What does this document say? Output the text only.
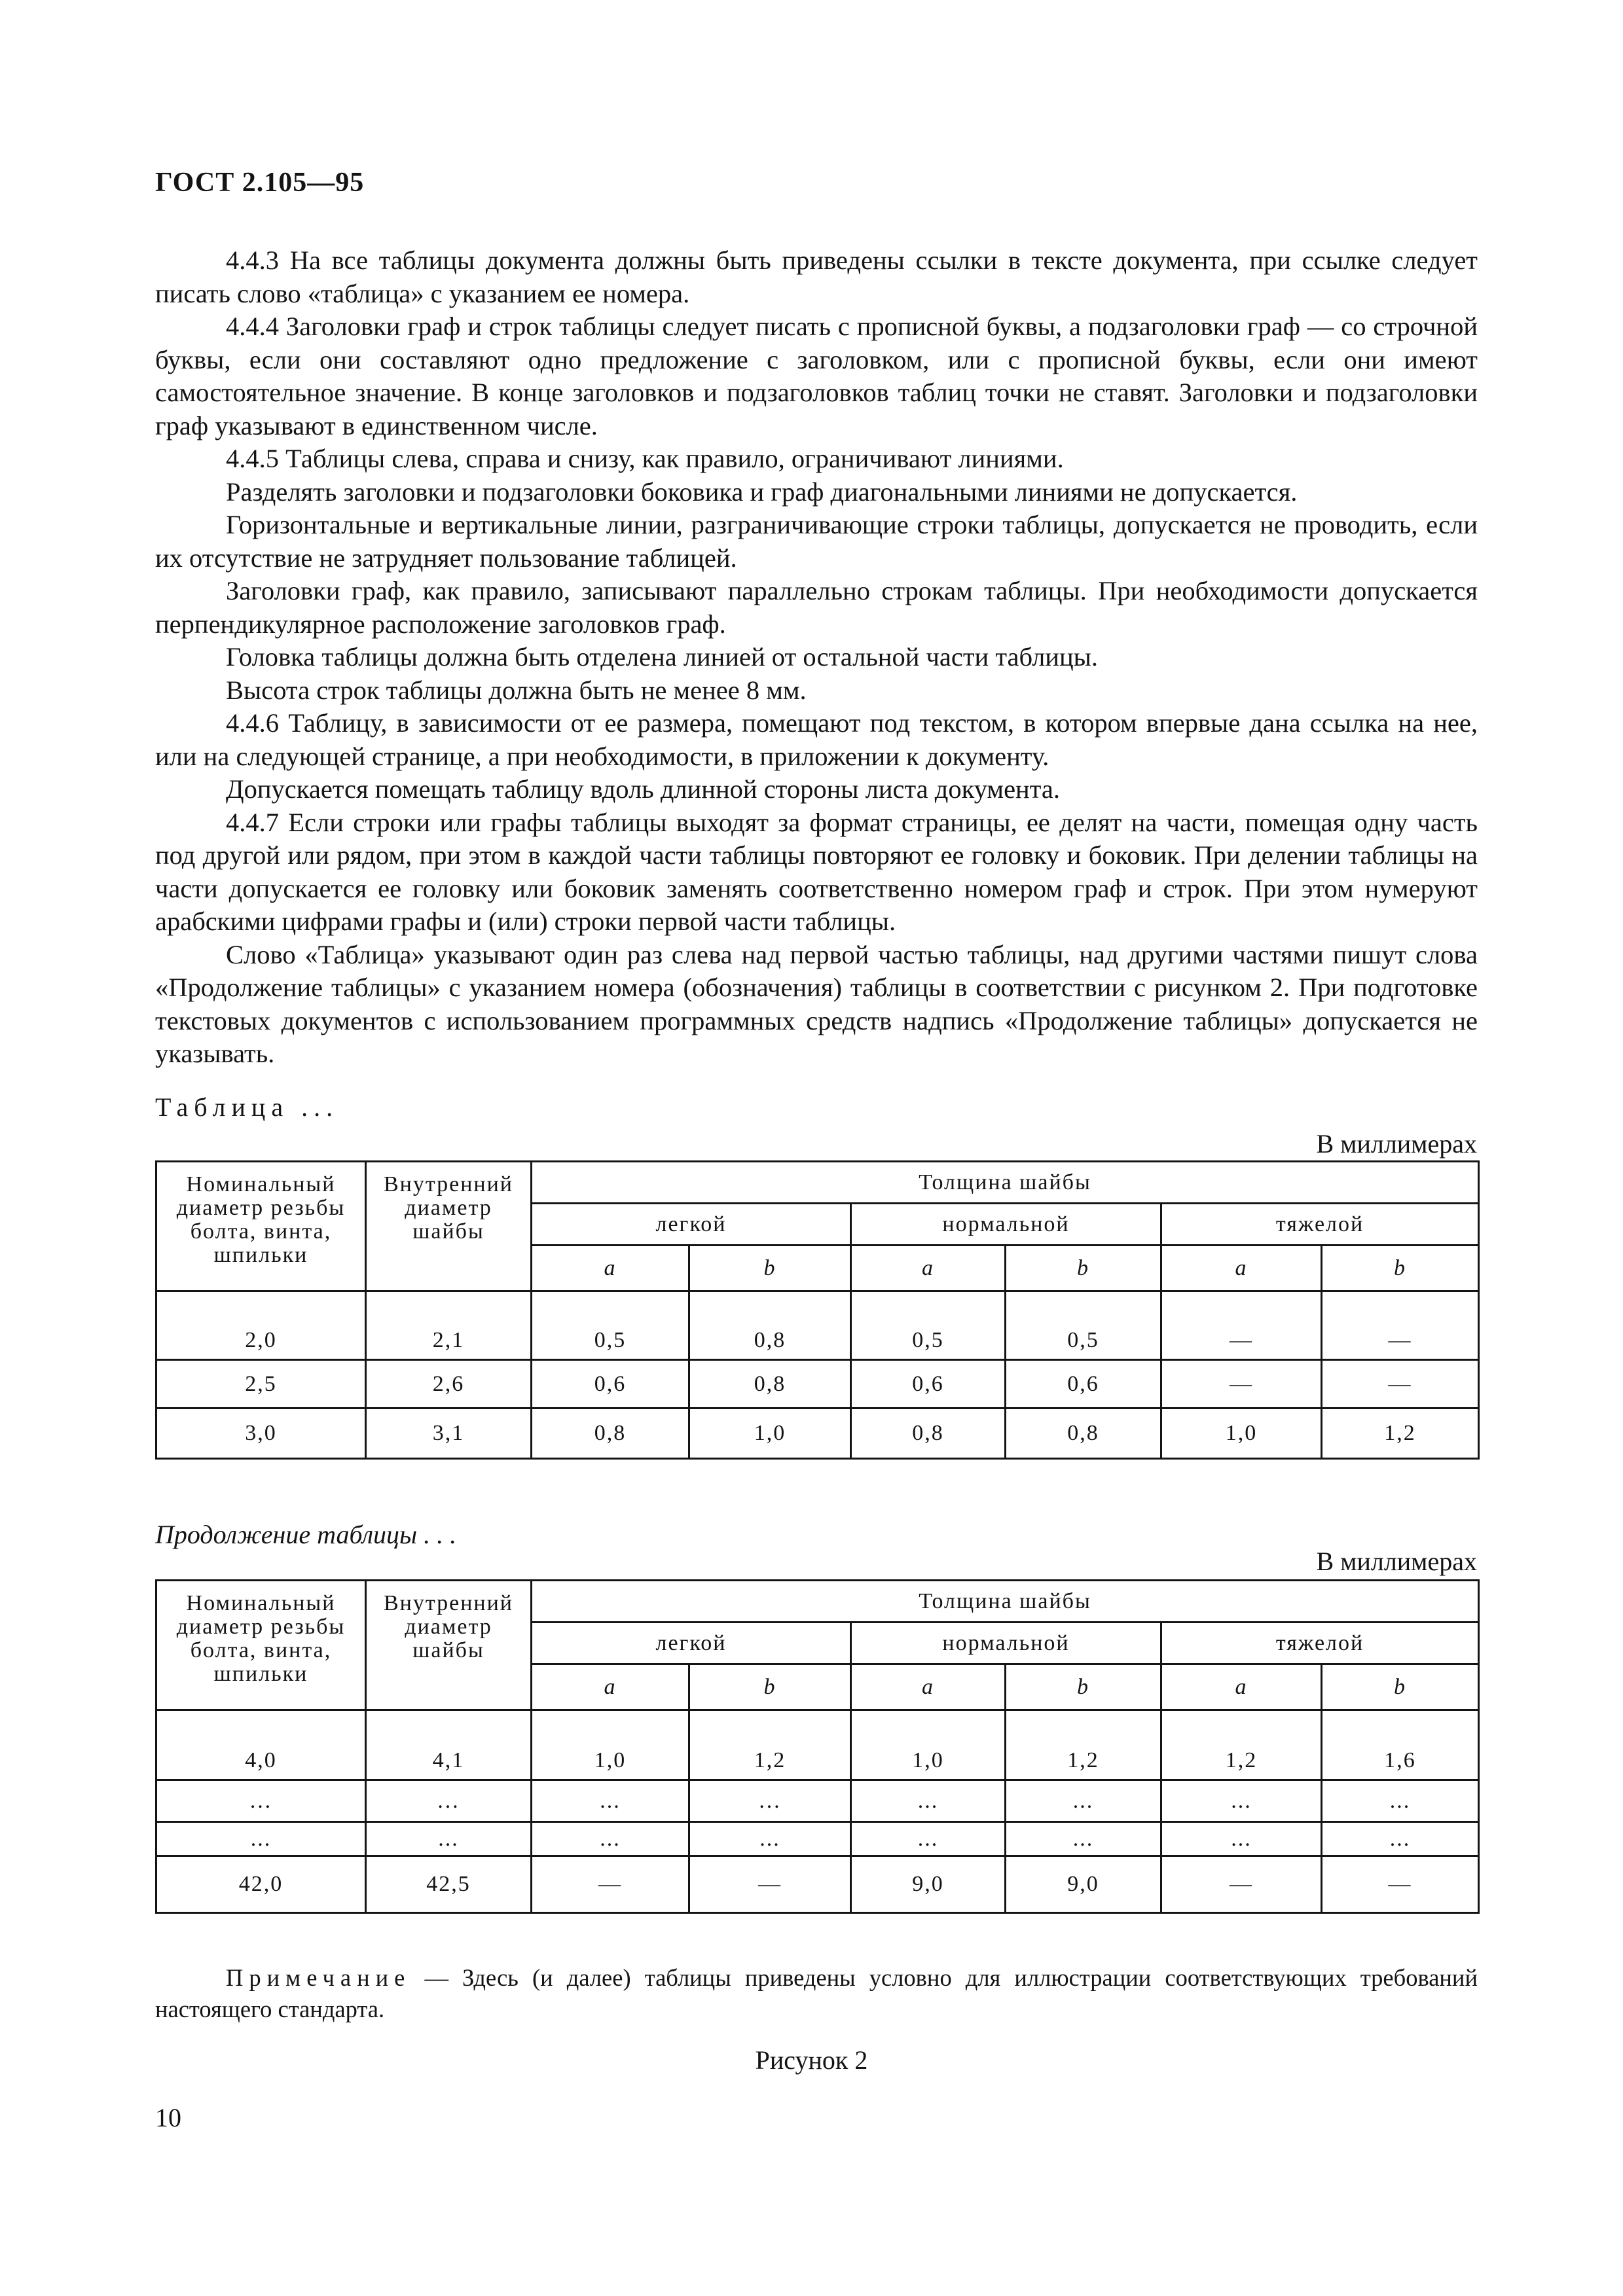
ГОСТ 2.105—95

4.4.3 На все таблицы документа должны быть приведены ссылки в тексте документа, при ссылке следует писать слово «таблица» с указанием ее номера.

4.4.4 Заголовки граф и строк таблицы следует писать с прописной буквы, а подзаголовки граф — со строчной буквы, если они составляют одно предложение с заголовком, или с прописной буквы, если они имеют самостоятельное значение. В конце заголовков и подзаголовков таблиц точки не ставят. Заголовки и подзаголовки граф указывают в единственном числе.

4.4.5 Таблицы слева, справа и снизу, как правило, ограничивают линиями.

Разделять заголовки и подзаголовки боковика и граф диагональными линиями не допускается.

Горизонтальные и вертикальные линии, разграничивающие строки таблицы, допускается не проводить, если их отсутствие не затрудняет пользование таблицей.

Заголовки граф, как правило, записывают параллельно строкам таблицы. При необходимости допускается перпендикулярное расположение заголовков граф.

Головка таблицы должна быть отделена линией от остальной части таблицы.

Высота строк таблицы должна быть не менее 8 мм.

4.4.6 Таблицу, в зависимости от ее размера, помещают под текстом, в котором впервые дана ссылка на нее, или на следующей странице, а при необходимости, в приложении к документу.

Допускается помещать таблицу вдоль длинной стороны листа документа.

4.4.7 Если строки или графы таблицы выходят за формат страницы, ее делят на части, помещая одну часть под другой или рядом, при этом в каждой части таблицы повторяют ее головку и боковик. При делении таблицы на части допускается ее головку или боковик заменять соответственно номером граф и строк. При этом нумеруют арабскими цифрами графы и (или) строки первой части таблицы.

Слово «Таблица» указывают один раз слева над первой частью таблицы, над другими частями пишут слова «Продолжение таблицы» с указанием номера (обозначения) таблицы в соответствии с рисунком 2. При подготовке текстовых документов с использованием программных средств надпись «Продолжение таблицы» допускается не указывать.

Таблица ...
В миллимерах
Номинальный диаметр резьбы болта, винта, шпильки	Внутренний диаметр шайбы	Толщина шайбы					
		легкой		нормальной		тяжелой	
		a	b	a	b	a	b
2,0	2,1	0,5	0,8	0,5	0,5	—	—
2,5	2,6	0,6	0,8	0,6	0,6	—	—
3,0	3,1	0,8	1,0	0,8	0,8	1,0	1,2
Продолжение таблицы . . .
В миллимерах
Номинальный диаметр резьбы болта, винта, шпильки	Внутренний диаметр шайбы	Толщина шайбы					
		легкой		нормальной		тяжелой	
		a	b	a	b	a	b
4,0	4,1	1,0	1,2	1,0	1,2	1,2	1,6
…	…	...	…	...	...	...	...
...	...	...	...	...	...	...	...
42,0	42,5	—	—	9,0	9,0	—	—
Примечание — Здесь (и далее) таблицы приведены условно для иллюстрации соответствующих требований настоящего стандарта.
Рисунок 2
10
